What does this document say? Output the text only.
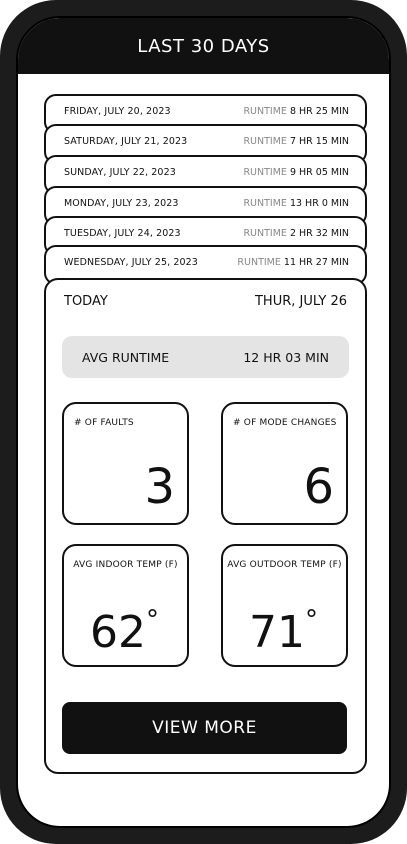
LAST 30 DAYS
FRIDAY, JULY 20, 2023	RUNTIME 8 HR 25 MIN
SATURDAY, JULY 21, 2023	RUNTIME 7 HR 15 MIN
SUNDAY, JULY 22, 2023	RUNTIME 9 HR 05 MIN
MONDAY, JULY 23, 2023	RUNTIME 13 HR 0 MIN
TUESDAY, JULY 24, 2023	RUNTIME 2 HR 32 MIN
WEDNESDAY, JULY 25, 2023	RUNTIME 11 HR 27 MIN
TODAY	THUR, JULY 26
AVG RUNTIME	12 HR 03 MIN
# OF FAULTS
3
# OF MODE CHANGES
6
AVG INDOOR TEMP (F)
62°
AVG OUTDOOR TEMP (F)
71°
VIEW MORE
